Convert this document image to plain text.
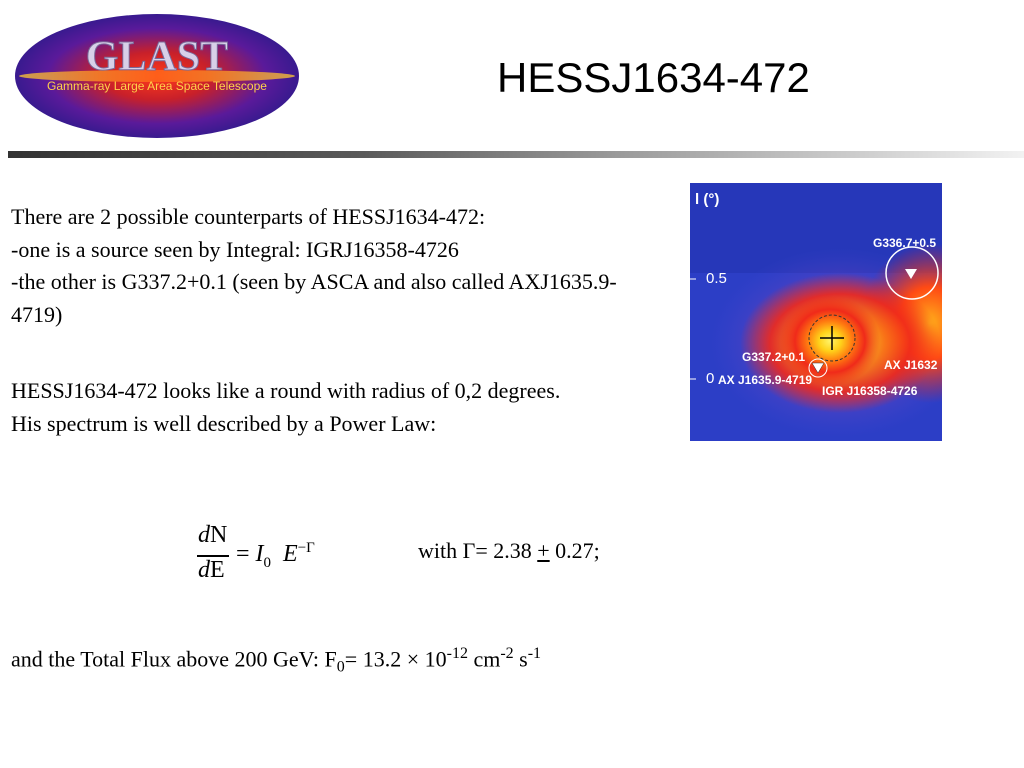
GLAST
Gamma-ray Large Area Space Telescope	HESSJ1634-472
There are 2 possible counterparts of HESSJ1634-472:
-one is a source seen by Integral: IGRJ16358-4726
-the other is G337.2+0.1 (seen by ASCA and also called AXJ1635.9-4719)
HESSJ1634-472 looks like a round with radius of 0,2 degrees.
His spectrum is well described by a Power Law:
dN
dE
= $I_0$ $E^{-\Gamma}$	with Γ= 2.38 + 0.27;
and the Total Flux above 200 GeV: $F_0= 13.2 \times 10^{-12}$ $cm^{-2}$ $s^{-1}$
l (°)
0.5
0
G336.7+0.5
G337.2+0.1
AX J1635.9-4719
AX J1632
IGR J16358-4726
